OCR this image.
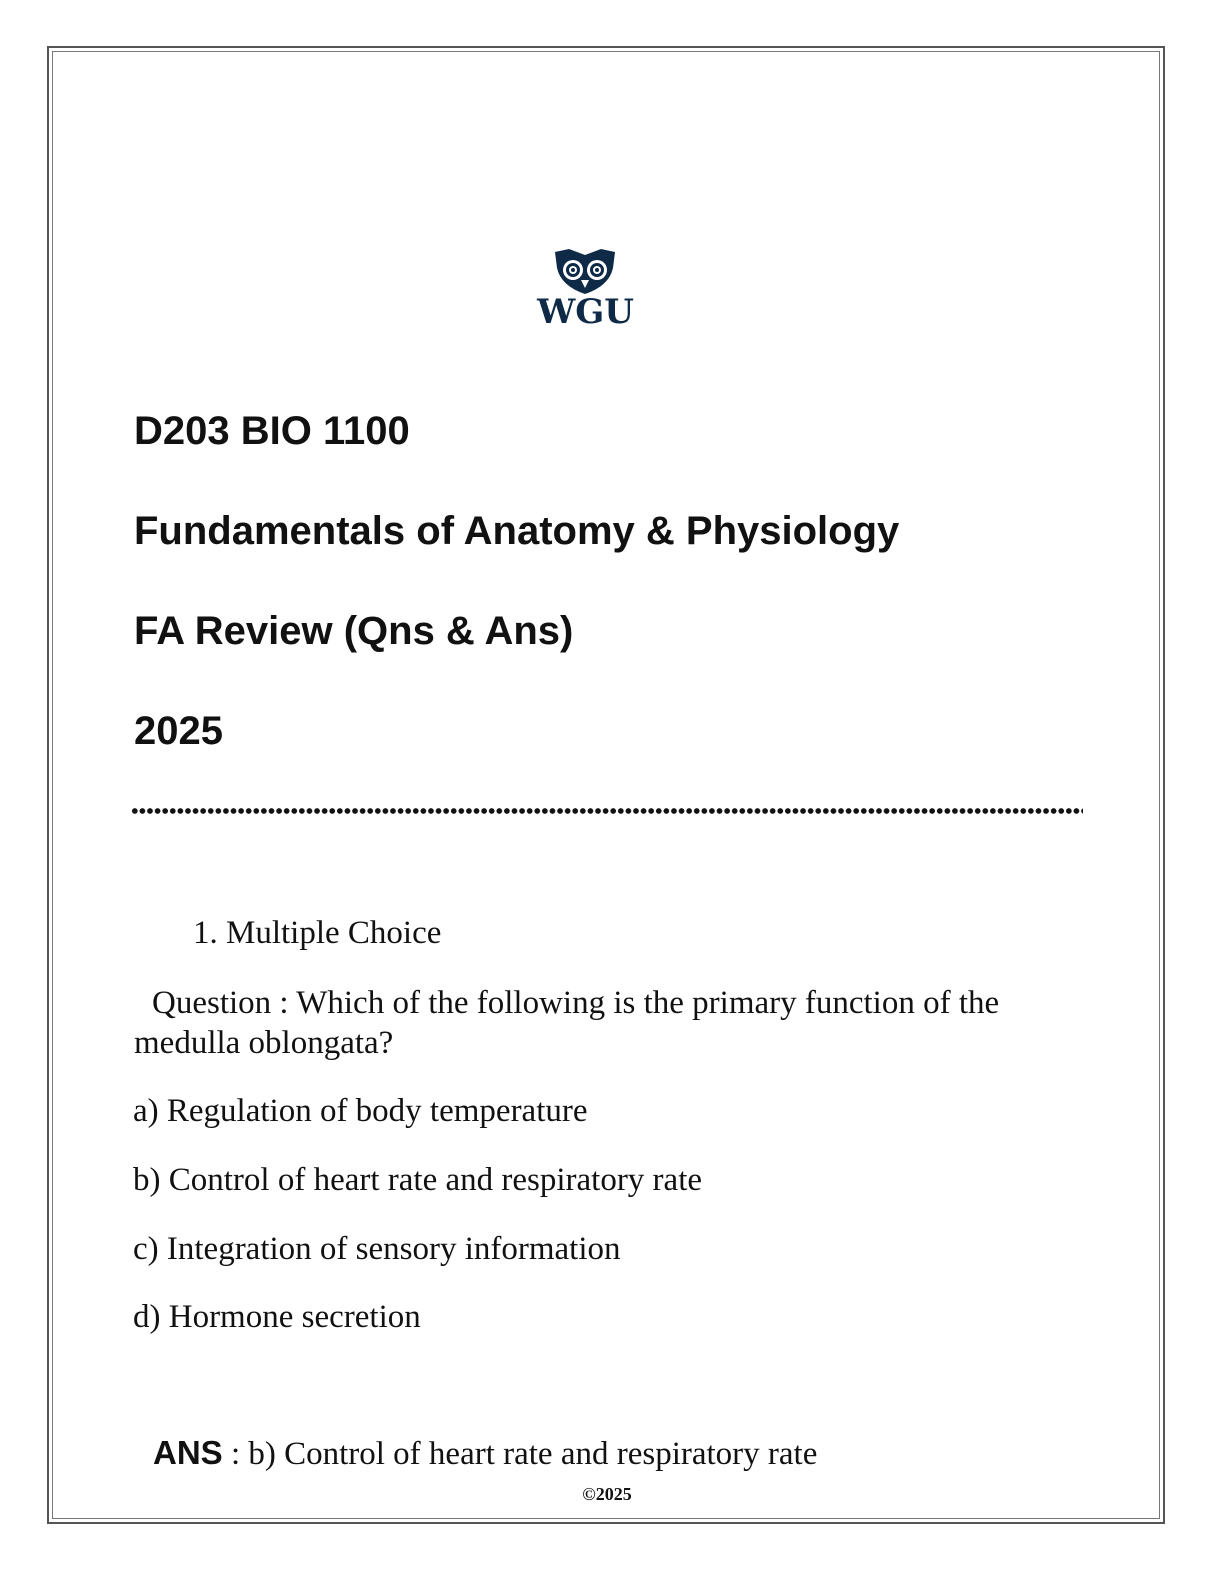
WGU
D203 BIO 1100
Fundamentals of Anatomy & Physiology
FA Review (Qns & Ans)
2025
1. Multiple Choice
Question : Which of the following is the primary function of the medulla oblongata?
a) Regulation of body temperature
b) Control of heart rate and respiratory rate
c) Integration of sensory information
d) Hormone secretion
ANS : b) Control of heart rate and respiratory rate
©2025
